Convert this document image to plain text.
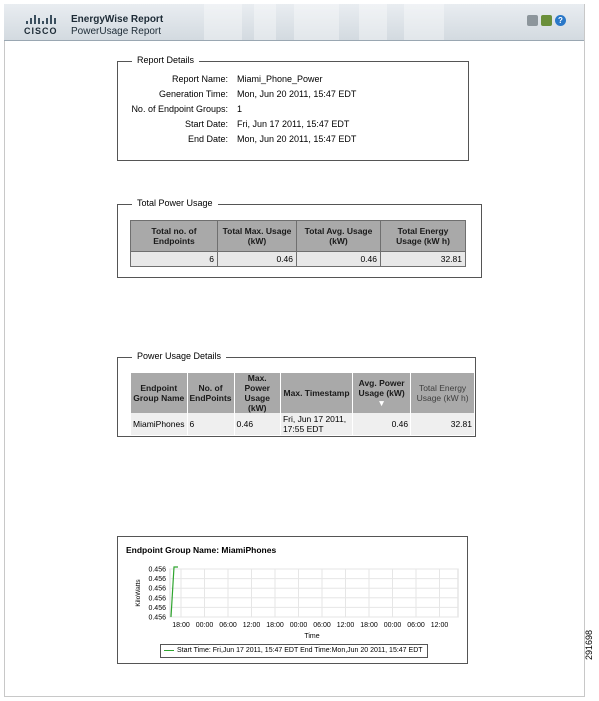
CISCO
EnergyWise Report
PowerUsage Report
?
Report Details
Report Name: Miami_Phone_Power
Generation Time: Mon, Jun 20 2011, 15:47 EDT
No. of Endpoint Groups: 1
Start Date: Fri, Jun 17 2011, 15:47 EDT
End Date: Mon, Jun 20 2011, 15:47 EDT
Total Power Usage
Total no. of Endpoints	Total Max. Usage (kW)	Total Avg. Usage (kW)	Total Energy Usage (kW h)
6	0.46	0.46	32.81
Power Usage Details
Endpoint Group Name	No. of EndPoints	Max. Power Usage (kW)	Max. Timestamp	Avg. Power Usage (kW) ▼	Total Energy Usage (kW h)
MiamiPhones	6	0.46	Fri, Jun 17 2011, 17:55 EDT	0.46	32.81
Endpoint Group Name: MiamiPhones
0.456
0.456
0.456
0.456
0.456
0.456
18:00 00:00 06:00 12:00 18:00 00:00 06:00 12:00 18:00 00:00 06:00 12:00
Time
KiloWatts
Start Time: Fri,Jun 17 2011, 15:47 EDT End Time:Mon,Jun 20 2011, 15:47 EDT	291698
